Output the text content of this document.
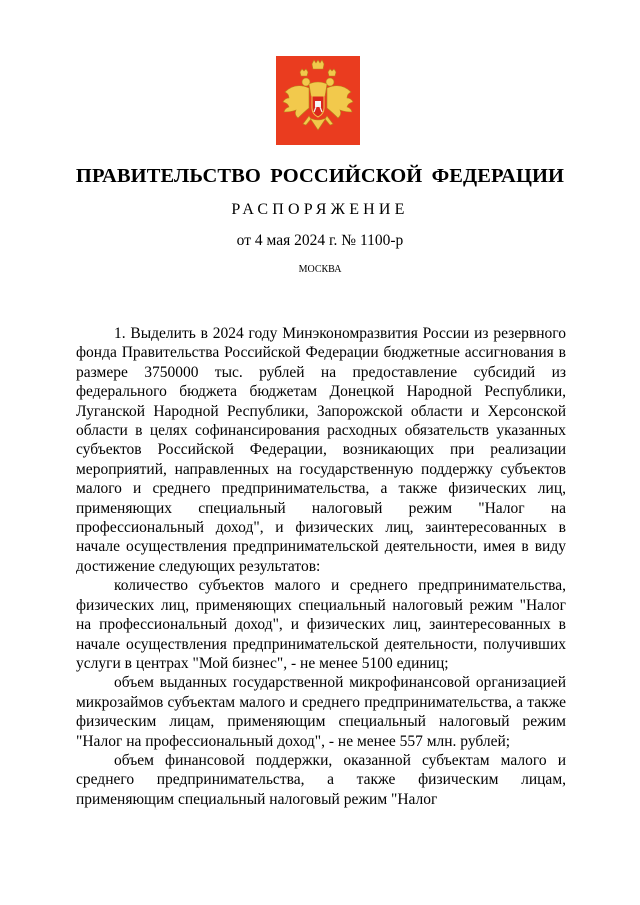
ПРАВИТЕЛЬСТВО РОССИЙСКОЙ ФЕДЕРАЦИИ
РАСПОРЯЖЕНИЕ
от 4 мая 2024 г. № 1100-р
МОСКВА

1. Выделить в 2024 году Минэкономразвития России из резервного фонда Правительства Российской Федерации бюджетные ассигнования в размере 3750000 тыс. рублей на предоставление субсидий из федерального бюджета бюджетам Донецкой Народной Республики, Луганской Народной Республики, Запорожской области и Херсонской области в целях софинансирования расходных обязательств указанных субъектов Российской Федерации, возникающих при реализации мероприятий, направленных на государственную поддержку субъектов малого и среднего предпринимательства, а также физических лиц, применяющих специальный налоговый режим "Налог на профессиональный доход", и физических лиц, заинтересованных в начале осуществления предпринимательской деятельности, имея в виду достижение следующих результатов:

количество субъектов малого и среднего предпринимательства, физических лиц, применяющих специальный налоговый режим "Налог на профессиональный доход", и физических лиц, заинтересованных в начале осуществления предпринимательской деятельности, получивших услуги в центрах "Мой бизнес", - не менее 5100 единиц;

объем выданных государственной микрофинансовой организацией микрозаймов субъектам малого и среднего предпринимательства, а также физическим лицам, применяющим специальный налоговый режим "Налог на профессиональный доход", - не менее 557 млн. рублей;

объем финансовой поддержки, оказанной субъектам малого и среднего предпринимательства, а также физическим лицам, применяющим специальный налоговый режим "Налог
